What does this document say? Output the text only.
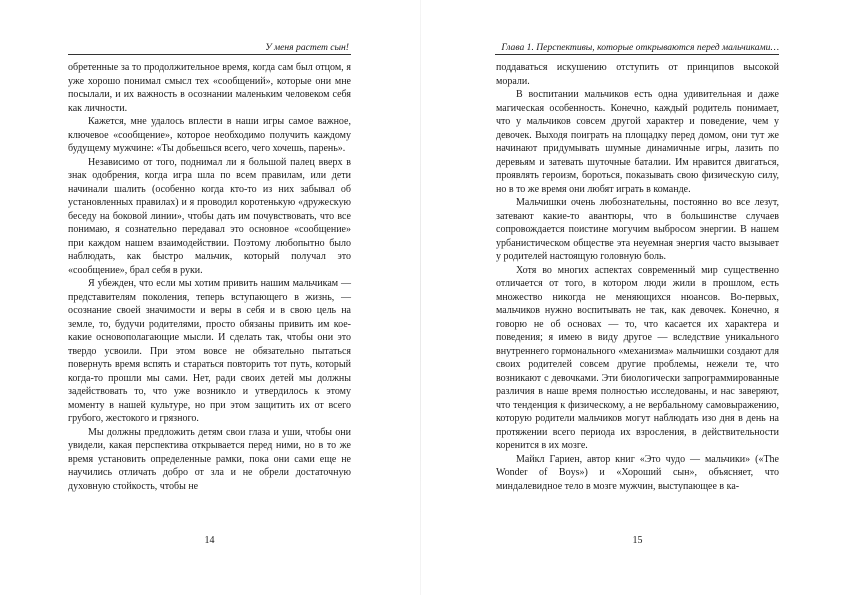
У меня растет сын!

обретенные за то продолжительное время, когда сам был отцом, я уже хорошо понимал смысл тех «сообщений», которые они мне посылали, и их важность в осознании маленьким человеком себя как личности.

Кажется, мне удалось вплести в наши игры самое важное, ключевое «сообщение», которое необходимо получить каждому будущему мужчине: «Ты добьешься всего, чего хочешь, парень».

Независимо от того, поднимал ли я большой палец вверх в знак одобрения, когда игра шла по всем правилам, или дети начинали шалить (особенно когда кто-то из них забывал об установленных правилах) и я проводил коротенькую «дружескую беседу на боковой линии», чтобы дать им почувствовать, что все понимаю, я сознательно передавал это основное «сообщение» при каждом нашем взаимодействии. Поэтому любопытно было наблюдать, как быстро мальчик, который получал это «сообщение», брал себя в руки.

Я убежден, что если мы хотим привить нашим мальчикам — представителям поколения, теперь вступающего в жизнь, — осознание своей значимости и веры в себя и в свою цель на земле, то, будучи родителями, просто обязаны привить им кое-какие основополагающие мысли. И сделать так, чтобы они это твердо усвоили. При этом вовсе не обязательно пытаться повернуть время вспять и стараться повторить тот путь, который когда-то прошли мы сами. Нет, ради своих детей мы должны задействовать то, что уже возникло и утвердилось к этому моменту в нашей культуре, но при этом защитить их от всего грубого, жестокого и грязного.

Мы должны предложить детям свои глаза и уши, чтобы они увидели, какая перспектива открывается перед ними, но в то же время установить определенные рамки, пока они сами еще не научились отличать добро от зла и не обрели достаточную духовную стойкость, чтобы не

14
Глава 1. Перспективы, которые открываются перед мальчиками…

поддаваться искушению отступить от принципов высокой морали.

В воспитании мальчиков есть одна удивительная и даже магическая особенность. Конечно, каждый родитель понимает, что у мальчиков совсем другой характер и поведение, чем у девочек. Выходя поиграть на площадку перед домом, они тут же начинают придумывать шумные динамичные игры, лазить по деревьям и затевать шуточные баталии. Им нравится двигаться, проявлять героизм, бороться, показывать свою физическую силу, но в то же время они любят играть в команде.

Мальчишки очень любознательны, постоянно во все лезут, затевают какие-то авантюры, что в большинстве случаев сопровождается поистине могучим выбросом энергии. В нашем урбанистическом обществе эта неуемная энергия часто вызывает у родителей настоящую головную боль.

Хотя во многих аспектах современный мир существенно отличается от того, в котором люди жили в прошлом, есть множество никогда не меняющихся нюансов. Во-первых, мальчиков нужно воспитывать не так, как девочек. Конечно, я говорю не об основах — то, что касается их характера и поведения; я имею в виду другое — вследствие уникального внутреннего гормонального «механизма» мальчишки создают для своих родителей совсем другие проблемы, нежели те, что возникают с девочками. Эти биологически запрограммированные различия в наше время полностью исследованы, и нас заверяют, что тенденция к физическому, а не вербальному самовыражению, которую родители мальчиков могут наблюдать изо дня в день на протяжении всего периода их взросления, в действительности коренится в их мозге.

Майкл Гариен, автор книг «Это чудо — мальчики» («The Wonder of Boys») и «Хороший сын», объясняет, что миндалевидное тело в мозге мужчин, выступающее в ка-

15
